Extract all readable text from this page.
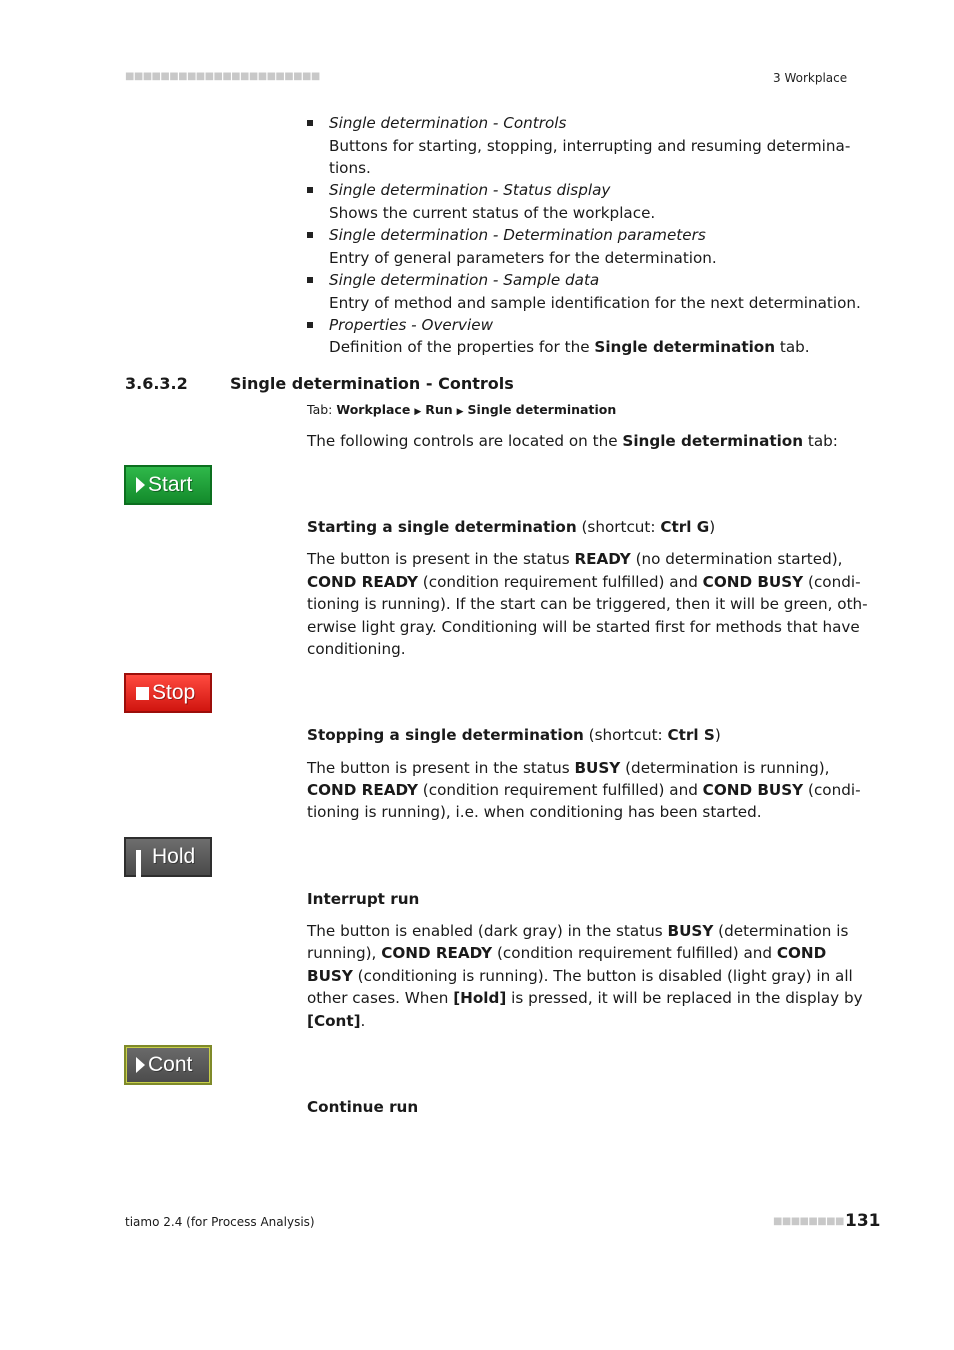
■■■■■■■■■■■■■■■■■■■■■■	3 Workplace
Single determination - Controls
Buttons for starting, stopping, interrupting and resuming determina-
tions.
Single determination - Status display
Shows the current status of the workplace.
Single determination - Determination parameters
Entry of general parameters for the determination.
Single determination - Sample data
Entry of method and sample identification for the next determination.
Properties - Overview
Definition of the properties for the Single determination tab.
3.6.3.2	Single determination - Controls
Tab: Workplace ▶ Run ▶ Single determination
The following controls are located on the Single determination tab:
Start
Starting a single determination (shortcut: Ctrl G)
The button is present in the status READY (no determination started),
COND READY (condition requirement fulfilled) and COND BUSY (condi-
tioning is running). If the start can be triggered, then it will be green, oth-
erwise light gray. Conditioning will be started first for methods that have
conditioning.
Stop
Stopping a single determination (shortcut: Ctrl S)
The button is present in the status BUSY (determination is running),
COND READY (condition requirement fulfilled) and COND BUSY (condi-
tioning is running), i.e. when conditioning has been started.
Hold
Interrupt run
The button is enabled (dark gray) in the status BUSY (determination is
running), COND READY (condition requirement fulfilled) and COND
BUSY (conditioning is running). The button is disabled (light gray) in all
other cases. When [Hold] is pressed, it will be replaced in the display by
[Cont].
Cont
Continue run
tiamo 2.4 (for Process Analysis)	■■■■■■■■ 131
